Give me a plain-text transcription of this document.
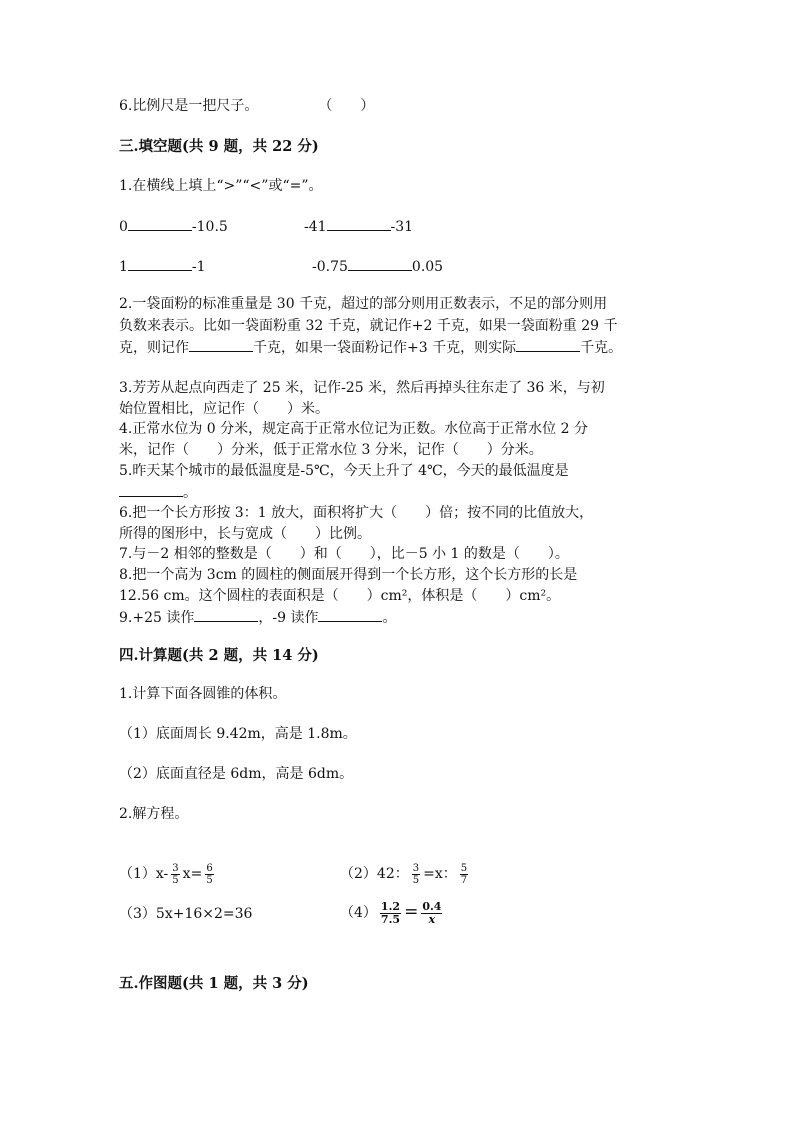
6.比例尺是一把尺子。	（　　）
三.填空题(共 9 题，共 22 分)
1.在横线上填上“>”“<”或“=”。
0	-10.5	-41	-31
1	-1	-0.75	0.05
2.一袋面粉的标准重量是 30 千克，超过的部分则用正数表示，不足的部分则用
负数来表示。比如一袋面粉重 32 千克，就记作+2 千克，如果一袋面粉重 29 千
克，则记作	千克，如果一袋面粉记作+3 千克，则实际	千克。
3.芳芳从起点向西走了 25 米，记作-25 米，然后再掉头往东走了 36 米，与初
始位置相比，应记作（　　）米。
4.正常水位为 0 分米，规定高于正常水位记为正数。水位高于正常水位 2 分
米，记作（　　）分米，低于正常水位 3 分米，记作（　　）分米。
5.昨天某个城市的最低温度是-5℃，今天上升了 4℃，今天的最低温度是
。
6.把一个长方形按 3：1 放大，面积将扩大（　　）倍；按不同的比值放大，
所得的图形中，长与宽成（　　）比例。
7.与－2 相邻的整数是（　　）和（　　），比－5 小 1 的数是（　　）。
8.把一个高为 3cm 的圆柱的侧面展开得到一个长方形，这个长方形的长是
12.56 cm。这个圆柱的表面积是（　　）cm²，体积是（　　）cm²。
9.+25 读作	，-9 读作	。
四.计算题(共 2 题，共 14 分)
1.计算下面各圆锥的体积。
（1）底面周长 9.42m，高是 1.8m。
（2）底面直径是 6dm，高是 6dm。
2.解方程。
$(1)x- \frac{3}{5} x= \frac{6}{5}$	（2）42： $\frac{3}{5} =x$： $\frac{5}{7}$
（3）5x+16×2=36	$(4) \frac{1.2}{7.5} = \frac{0.4}{x}$
五.作图题(共 1 题，共 3 分)
